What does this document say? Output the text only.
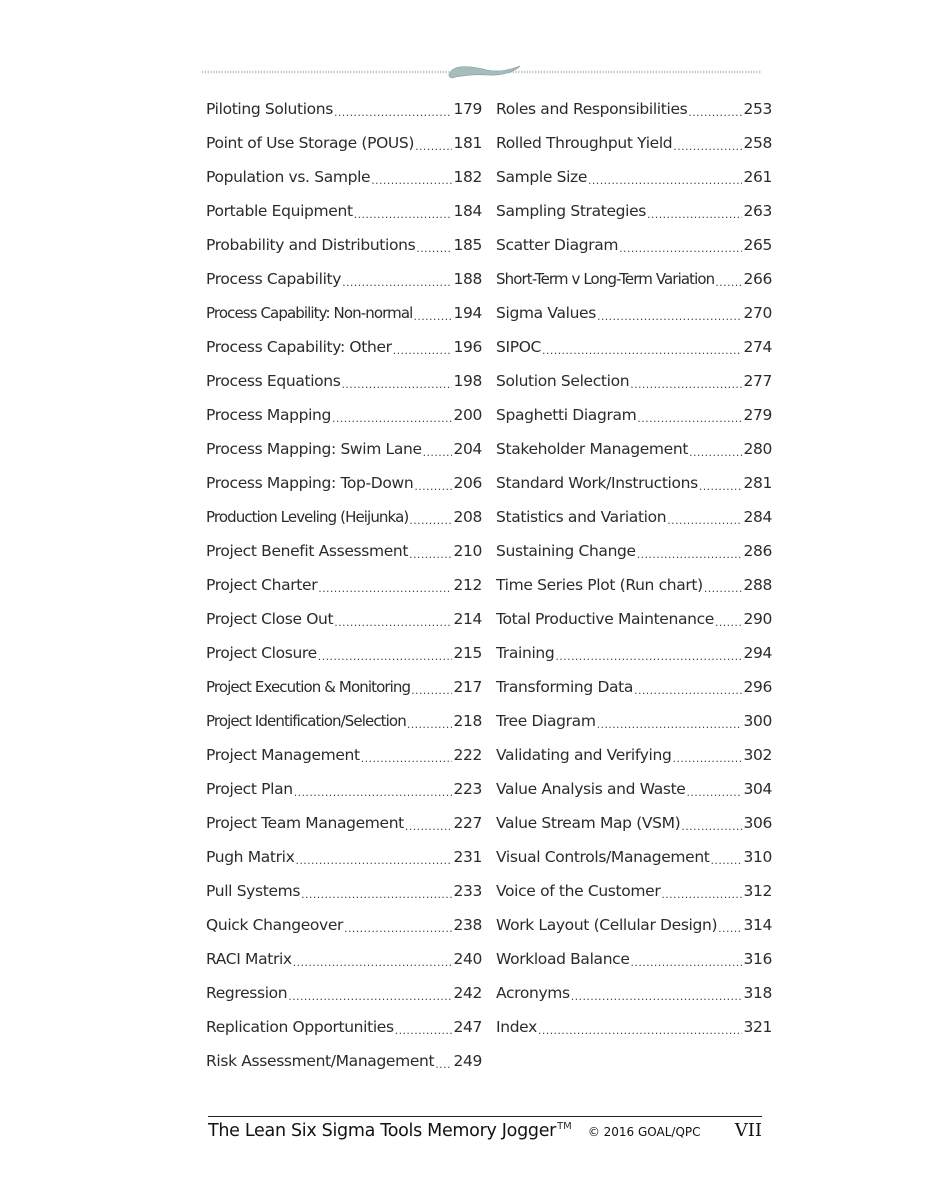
Piloting Solutions .....	179
Point of Use Storage (POUS) .....	181
Population vs. Sample .....	182
Portable Equipment .....	184
Probability and Distributions ..... 185
Process Capability .....	188
Process Capability: Non-normal .....	194
Process Capability: Other .....	196
Process Equations .....	198
Process Mapping .....	200
Process Mapping: Swim Lane ..... 204
Process Mapping: Top-Down .....	206
Production Leveling (Heijunka) .....	208
Project Benefit Assessment .....	210
Project Charter .....	212
Project Close Out .....	214
Project Closure .....	215
Project Execution & Monitoring .....	217
Project Identification/Selection .....	218
Project Management .....	222
Project Plan .....	223
Project Team Management .....	227
Pugh Matrix .....	231
Pull Systems .....	233
Quick Changeover .....	238
RACI Matrix .....	240
Regression .....	242
Replication Opportunities .....	247
Risk Assessment/Management ..... 249
Roles and Responsibilities .....	253
Rolled Throughput Yield .....	258
Sample Size .....	261
Sampling Strategies .....	263
Scatter Diagram .....	265
Short-Term v Long-Term Variation ..... 266
Sigma Values .....	270
SIPOC .....	274
Solution Selection .....	277
Spaghetti Diagram .....	279
Stakeholder Management .....	280
Standard Work/Instructions .....	281
Statistics and Variation .....	284
Sustaining Change .....	286
Time Series Plot (Run chart) .....	288
Total Productive Maintenance ..... 290
Training .....	294
Transforming Data .....	296
Tree Diagram .....	300
Validating and Verifying .....	302
Value Analysis and Waste .....	304
Value Stream Map (VSM) .....	306
Visual Controls/Management ..... 310
Voice of the Customer .....	312
Work Layout (Cellular Design) ..... 314
Workload Balance .....	316
Acronyms .....	318
Index .....	321
The Lean Six Sigma Tools Memory Jogger TM © 2016 GOAL/QPC VII
